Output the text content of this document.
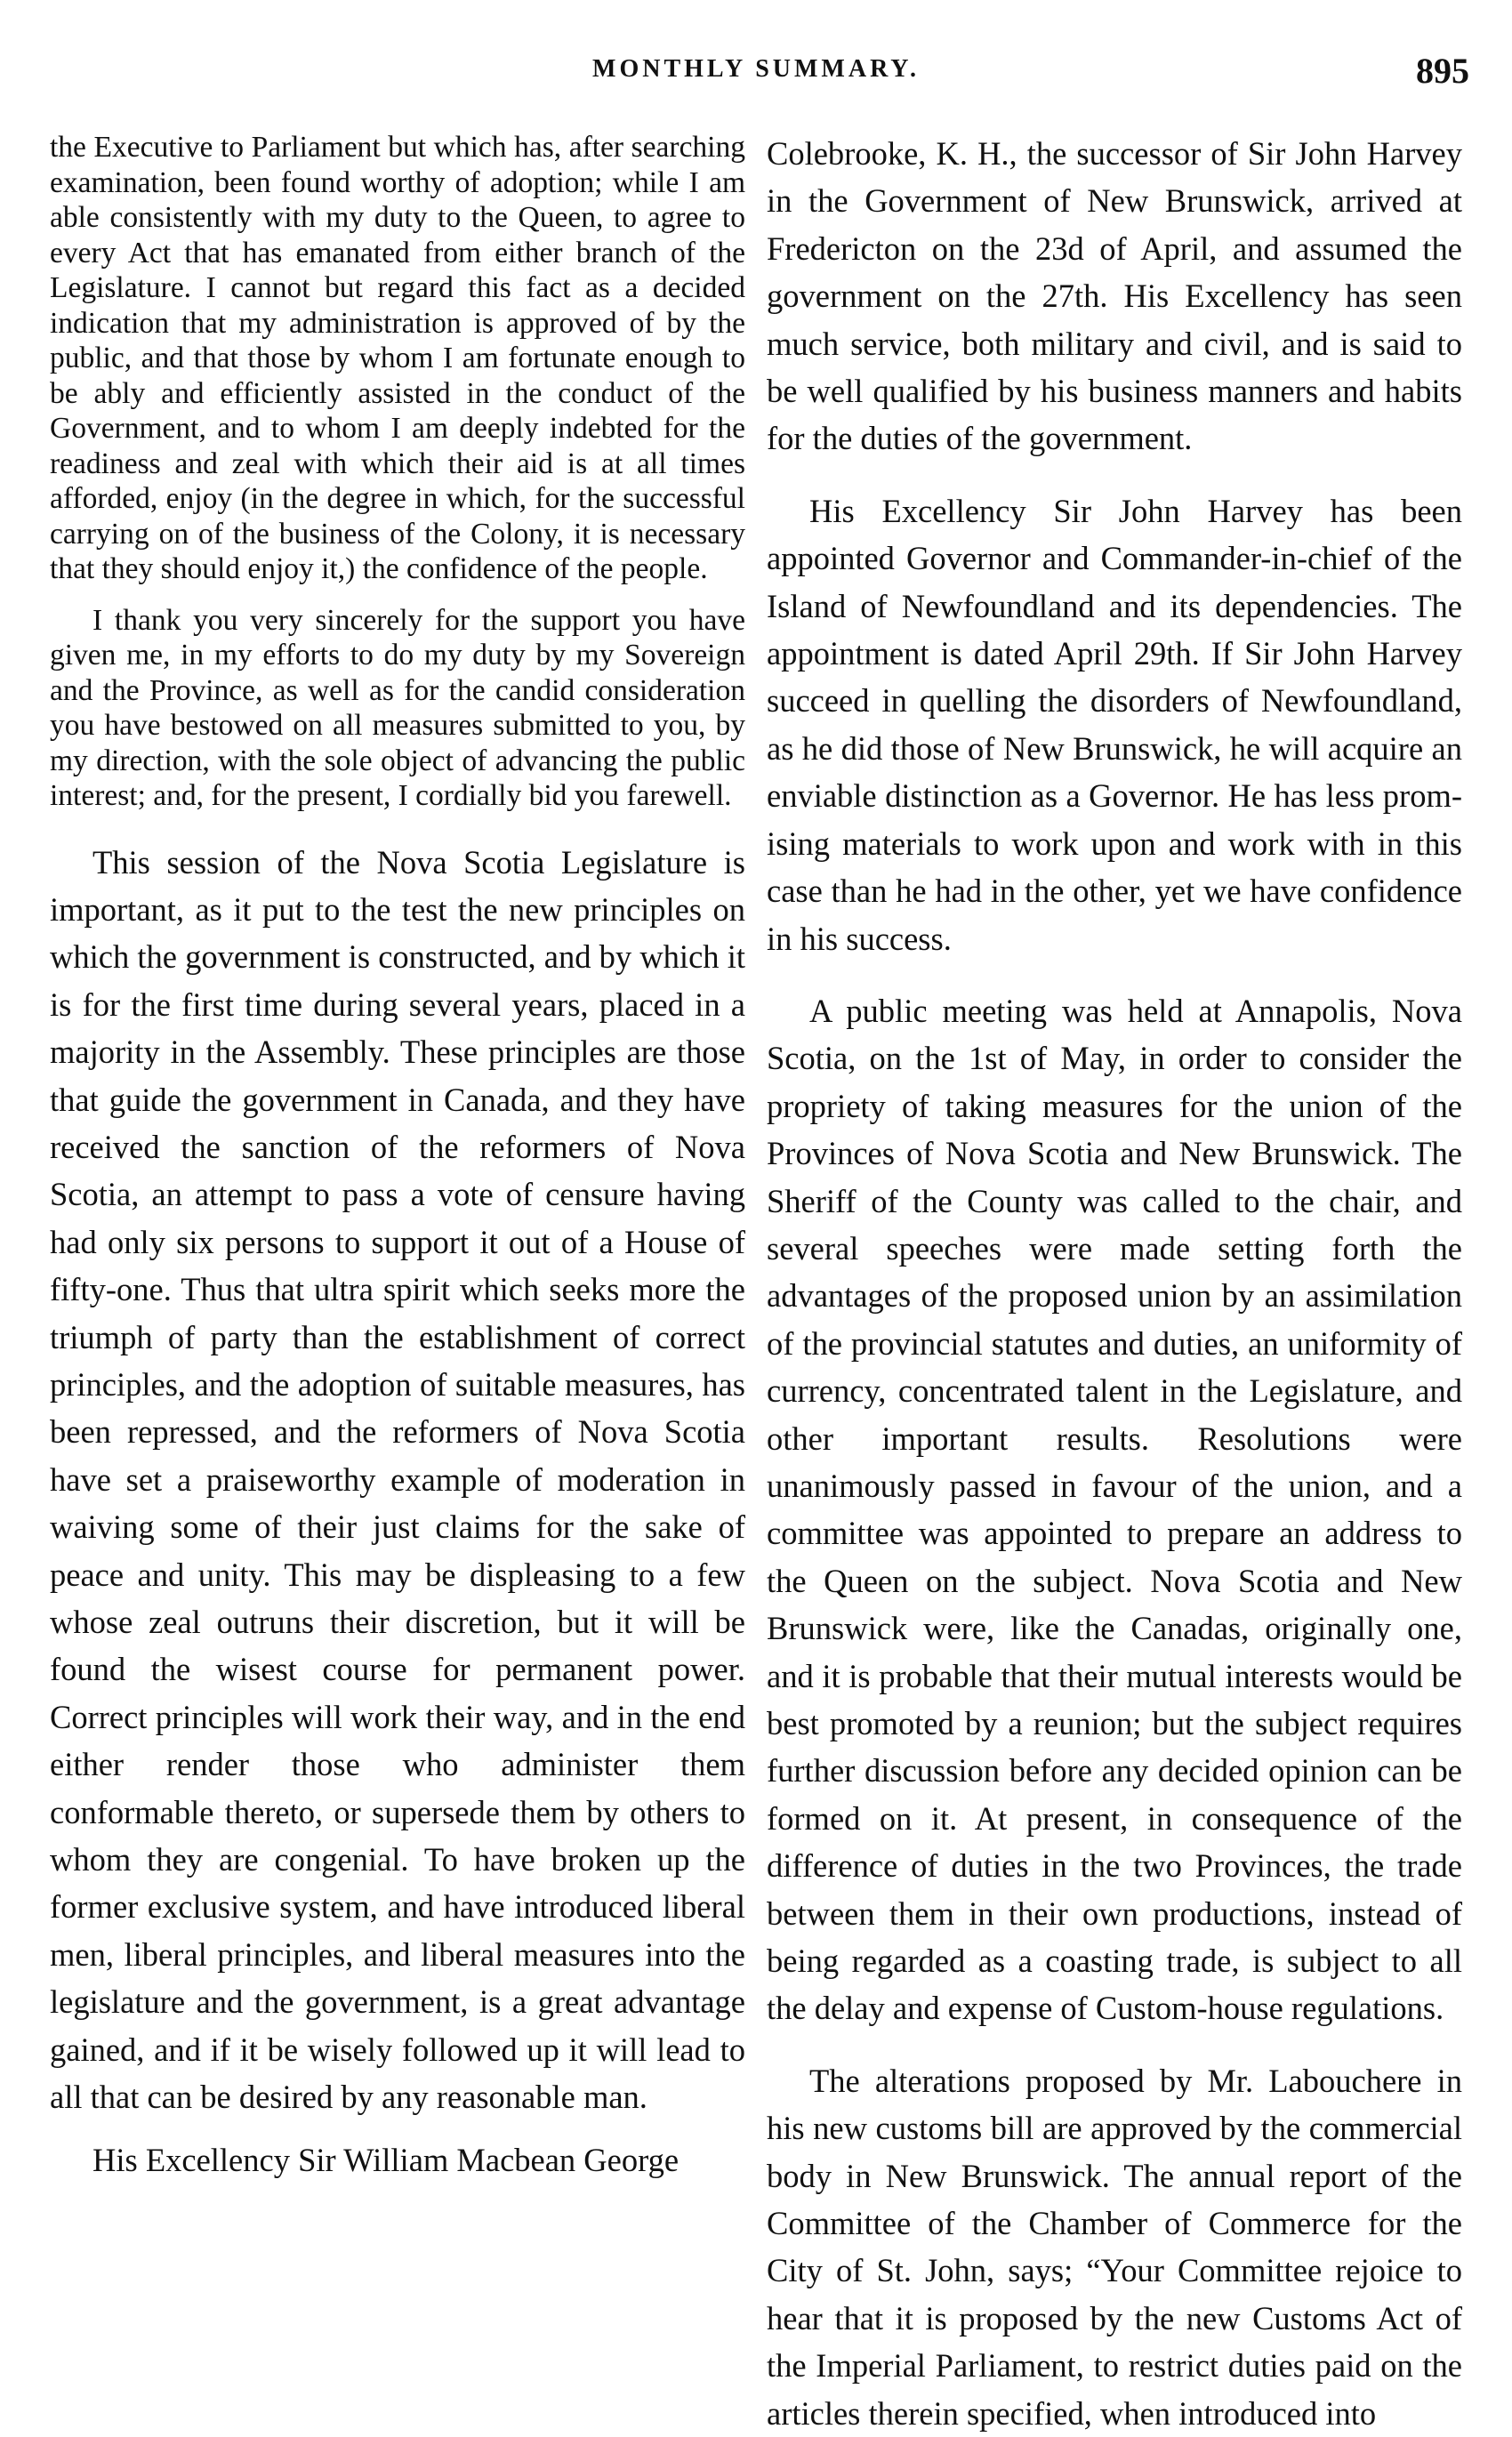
MONTHLY SUMMARY.	895

the Executive to Parliament but which has, after searching examination, been found worthy of adoption; while I am able consistently with my duty to the Queen, to agree to every Act that has emanated from either branch of the Legislature. I cannot but regard this fact as a decided indication that my administration is approved of by the public, and that those by whom I am fortunate enough to be ably and efficiently assisted in the conduct of the Government, and to whom I am deeply indebted for the readiness and zeal with which their aid is at all times afforded, enjoy (in the degree in which, for the successful carrying on of the business of the Colony, it is necessary that they should enjoy it,) the confidence of the people.

I thank you very sincerely for the support you have given me, in my efforts to do my duty by my Sovereign and the Province, as well as for the candid consideration you have bestowed on all measures submitted to you, by my direction, with the sole object of advancing the public interest; and, for the present, I cordially bid you farewell.

This session of the Nova Scotia Legislature is important, as it put to the test the new principles on which the government is constructed, and by which it is for the first time during several years, placed in a majority in the Assembly. These principles are those that guide the government in Canada, and they have received the sanction of the reformers of Nova Scotia, an attempt to pass a vote of censure having had only six persons to support it out of a House of fifty-one. Thus that ultra spirit which seeks more the triumph of party than the establishment of correct principles, and the adoption of suitable measures, has been repressed, and the reformers of Nova Scotia have set a praiseworthy example of moderation in waiving some of their just claims for the sake of peace and unity. This may be displeasing to a few whose zeal outruns their discretion, but it will be found the wisest course for permanent power. Correct principles will work their way, and in the end either render those who administer them conformable thereto, or supersede them by others to whom they are congenial. To have broken up the former exclusive system, and have introduced liberal men, liberal principles, and liberal measures into the legislature and the government, is a great advantage gained, and if it be wisely followed up it will lead to all that can be desired by any reasonable man.

His Excellency Sir William Macbean George

Colebrooke, K. H., the successor of Sir John Harvey in the Government of New Brunswick, arrived at Fredericton on the 23d of April, and assumed the government on the 27th. His Excellency has seen much service, both military and civil, and is said to be well qualified by his business manners and habits for the duties of the government.

His Excellency Sir John Harvey has been appointed Governor and Commander-in-chief of the Island of Newfoundland and its dependencies. The appointment is dated April 29th. If Sir John Harvey succeed in quelling the disorders of Newfoundland, as he did those of New Brunswick, he will acquire an enviable distinction as a Governor. He has less promising materials to work upon and work with in this case than he had in the other, yet we have confidence in his success.

A public meeting was held at Annapolis, Nova Scotia, on the 1st of May, in order to consider the propriety of taking measures for the union of the Provinces of Nova Scotia and New Brunswick. The Sheriff of the County was called to the chair, and several speeches were made setting forth the advantages of the proposed union by an assimilation of the provincial statutes and duties, an uniformity of currency, concentrated talent in the Legislature, and other important results. Resolutions were unanimously passed in favour of the union, and a committee was appointed to prepare an address to the Queen on the subject. Nova Scotia and New Brunswick were, like the Canadas, originally one, and it is probable that their mutual interests would be best promoted by a reunion; but the subject requires further discussion before any decided opinion can be formed on it. At present, in consequence of the difference of duties in the two Provinces, the trade between them in their own productions, instead of being regarded as a coasting trade, is subject to all the delay and expense of Custom-house regulations.

The alterations proposed by Mr. Labouchere in his new customs bill are approved by the commercial body in New Brunswick. The annual report of the Committee of the Chamber of Commerce for the City of St. John, says; “Your Committee rejoice to hear that it is proposed by the new Customs Act of the Imperial Parliament, to restrict duties paid on the articles therein specified, when introduced into
